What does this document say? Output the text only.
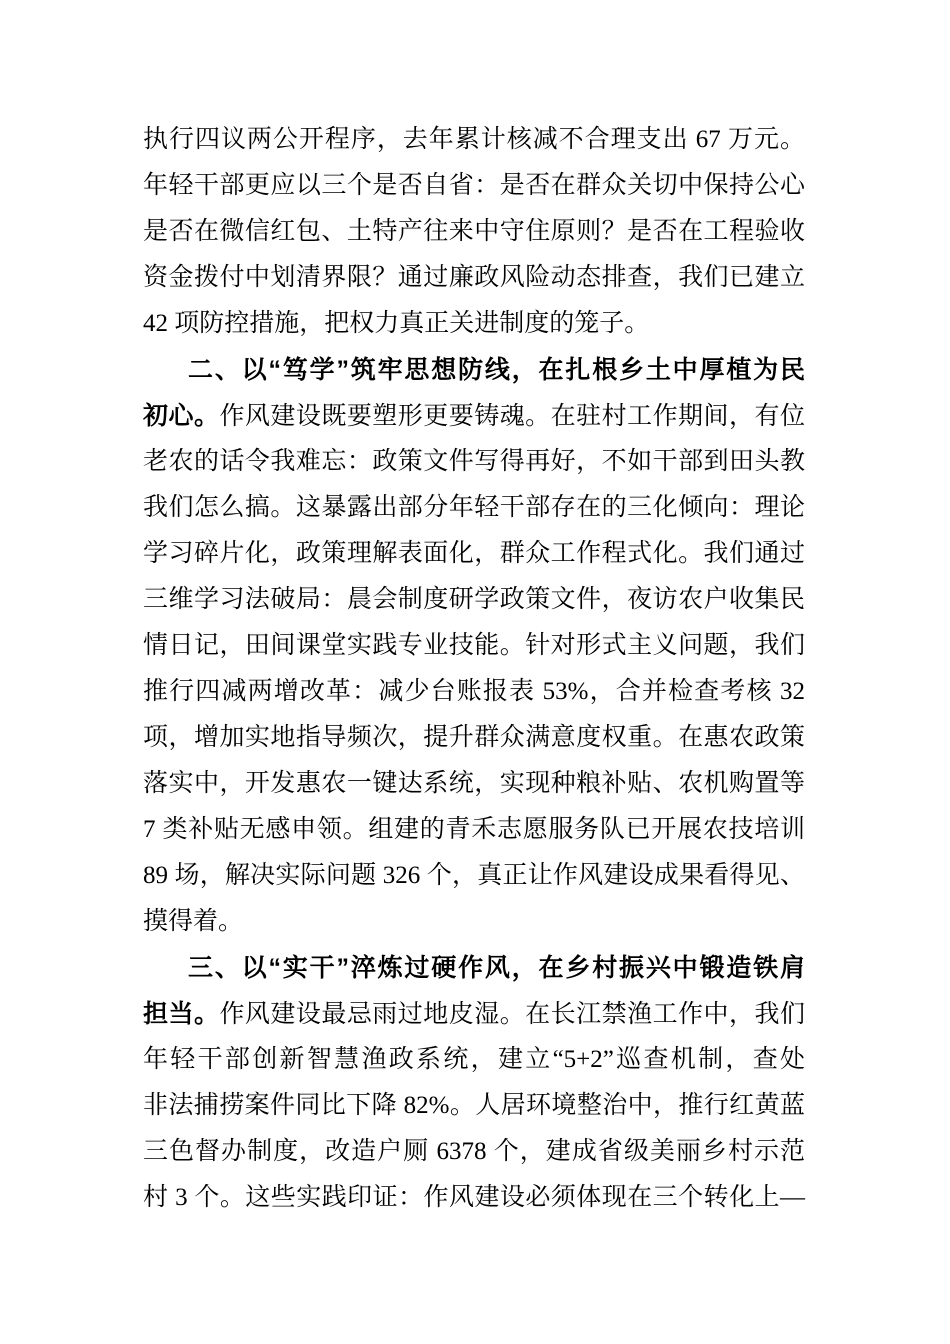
执行四议两公开程序，去年累计核减不合理支出 67 万元。
年轻干部更应以三个是否自省：是否在群众关切中保持公心
是否在微信红包、土特产往来中守住原则？是否在工程验收
资金拨付中划清界限？通过廉政风险动态排查，我们已建立
42 项防控措施，把权力真正关进制度的笼子。
二、以“笃学”筑牢思想防线，在扎根乡土中厚植为民
初心。作风建设既要塑形更要铸魂。在驻村工作期间，有位
老农的话令我难忘：政策文件写得再好，不如干部到田头教
我们怎么搞。这暴露出部分年轻干部存在的三化倾向：理论
学习碎片化，政策理解表面化，群众工作程式化。我们通过
三维学习法破局：晨会制度研学政策文件，夜访农户收集民
情日记，田间课堂实践专业技能。针对形式主义问题，我们
推行四减两增改革：减少台账报表 53%，合并检查考核 32
项，增加实地指导频次，提升群众满意度权重。在惠农政策
落实中，开发惠农一键达系统，实现种粮补贴、农机购置等
7 类补贴无感申领。组建的青禾志愿服务队已开展农技培训
89 场，解决实际问题 326 个，真正让作风建设成果看得见、
摸得着。
三、以“实干”淬炼过硬作风，在乡村振兴中锻造铁肩
担当。作风建设最忌雨过地皮湿。在长江禁渔工作中，我们
年轻干部创新智慧渔政系统，建立“5+2”巡查机制，查处
非法捕捞案件同比下降 82%。人居环境整治中，推行红黄蓝
三色督办制度，改造户厕 6378 个，建成省级美丽乡村示范
村 3 个。这些实践印证：作风建设必须体现在三个转化上—
